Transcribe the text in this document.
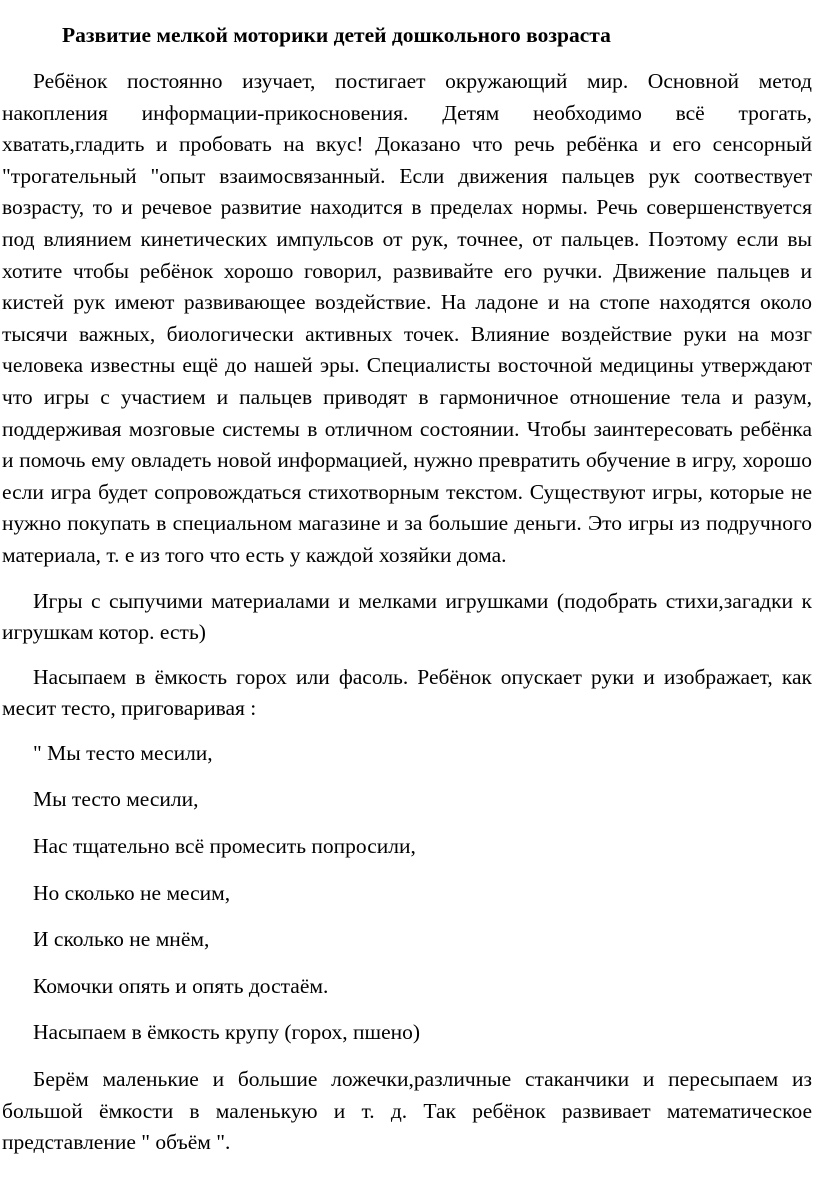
Развитие мелкой моторики детей дошкольного возраста

Ребёнок постоянно изучает, постигает окружающий мир. Основной метод накопления информации-прикосновения. Детям необходимо всё трогать, хватать,гладить и пробовать на вкус! Доказано что речь ребёнка и его сенсорный "трогательный "опыт взаимосвязанный. Если движения пальцев рук соотвествует возрасту, то и речевое развитие находится в пределах нормы. Речь совершенствуется под влиянием кинетических импульсов от рук, точнее, от пальцев. Поэтому если вы хотите чтобы ребёнок хорошо говорил, развивайте его ручки. Движение пальцев и кистей рук имеют развивающее воздействие. На ладоне и на стопе находятся около тысячи важных, биологически активных точек. Влияние воздействие руки на мозг человека известны ещё до нашей эры. Специалисты восточной медицины утверждают что игры с участием и пальцев приводят в гармоничное отношение тела и разум, поддерживая мозговые системы в отличном состоянии. Чтобы заинтересовать ребёнка и помочь ему овладеть новой информацией, нужно превратить обучение в игру, хорошо если игра будет сопровождаться стихотворным текстом. Существуют игры, которые не нужно покупать в специальном магазине и за большие деньги. Это игры из подручного материала, т. е из того что есть у каждой хозяйки дома.

Игры с сыпучими материалами и мелками игрушками (подобрать стихи,загадки к игрушкам котор. есть)

Насыпаем в ёмкость горох или фасоль. Ребёнок опускает руки и изображает, как месит тесто, приговаривая :

" Мы тесто месили,
Мы тесто месили,
Нас тщательно всё промесить попросили,
Но сколько не месим,
И сколько не мнём,
Комочки опять и опять достаём.
Насыпаем в ёмкость крупу (горох, пшено)

Берём маленькие и большие ложечки,различные стаканчики и пересыпаем из большой ёмкости в маленькую и т. д. Так ребёнок развивает математическое представление " объём ".
